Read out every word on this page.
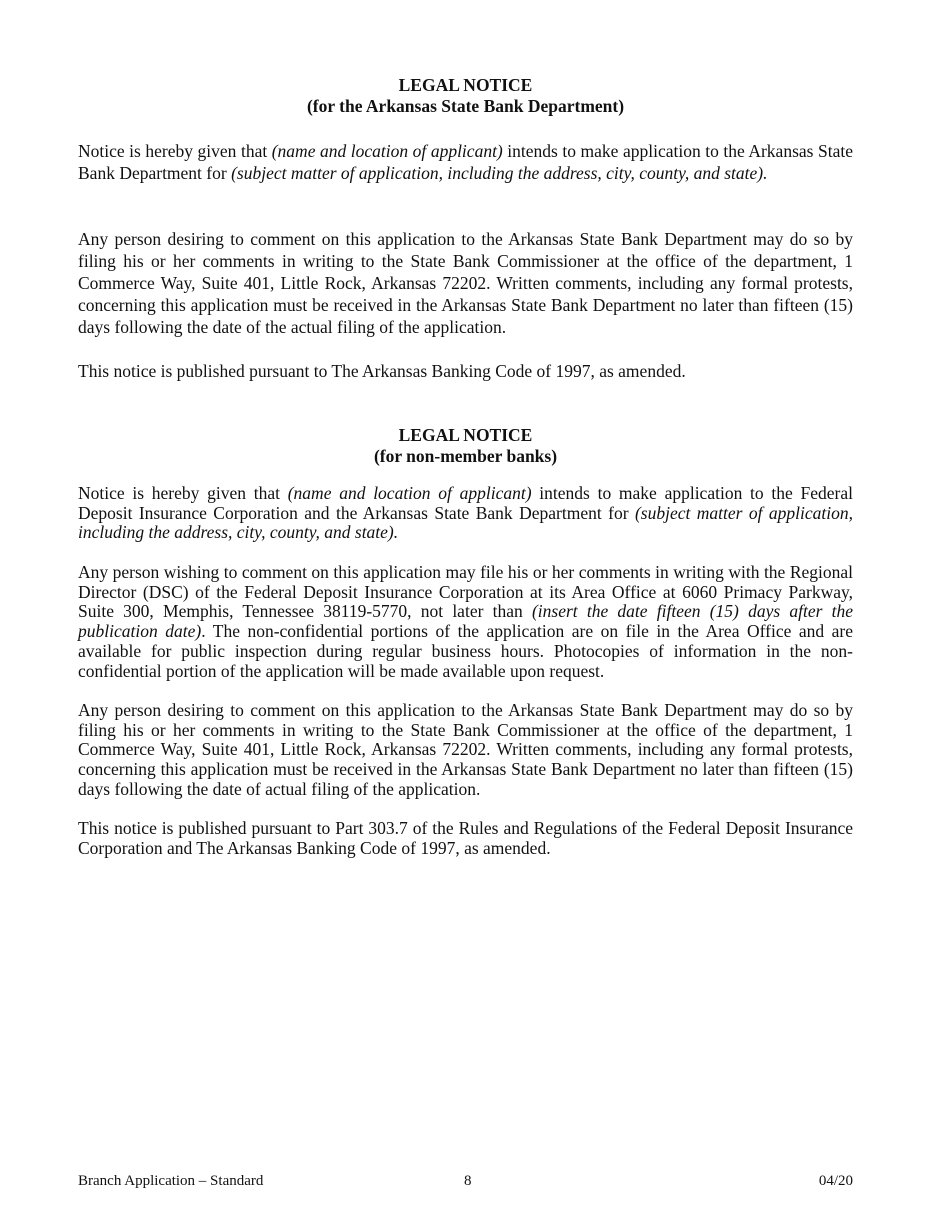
LEGAL NOTICE
(for the Arkansas State Bank Department)

Notice is hereby given that (name and location of applicant) intends to make application to the Arkansas State Bank Department for (subject matter of application, including the address, city, county, and state).

Any person desiring to comment on this application to the Arkansas State Bank Department may do so by filing his or her comments in writing to the State Bank Commissioner at the office of the department, 1 Commerce Way, Suite 401, Little Rock, Arkansas 72202. Written comments, including any formal protests, concerning this application must be received in the Arkansas State Bank Department no later than fifteen (15) days following the date of the actual filing of the application.

This notice is published pursuant to The Arkansas Banking Code of 1997, as amended.

LEGAL NOTICE
(for non-member banks)

Notice is hereby given that (name and location of applicant) intends to make application to the Federal Deposit Insurance Corporation and the Arkansas State Bank Department for (subject matter of application, including the address, city, county, and state).

Any person wishing to comment on this application may file his or her comments in writing with the Regional Director (DSC) of the Federal Deposit Insurance Corporation at its Area Office at 6060 Primacy Parkway, Suite 300, Memphis, Tennessee 38119-5770, not later than (insert the date fifteen (15) days after the publication date). The non-confidential portions of the application are on file in the Area Office and are available for public inspection during regular business hours. Photocopies of information in the non-confidential portion of the application will be made available upon request.

Any person desiring to comment on this application to the Arkansas State Bank Department may do so by filing his or her comments in writing to the State Bank Commissioner at the office of the department, 1 Commerce Way, Suite 401, Little Rock, Arkansas 72202. Written comments, including any formal protests, concerning this application must be received in the Arkansas State Bank Department no later than fifteen (15) days following the date of actual filing of the application.

This notice is published pursuant to Part 303.7 of the Rules and Regulations of the Federal Deposit Insurance Corporation and The Arkansas Banking Code of 1997, as amended.

Branch Application – Standard	8	04/20
